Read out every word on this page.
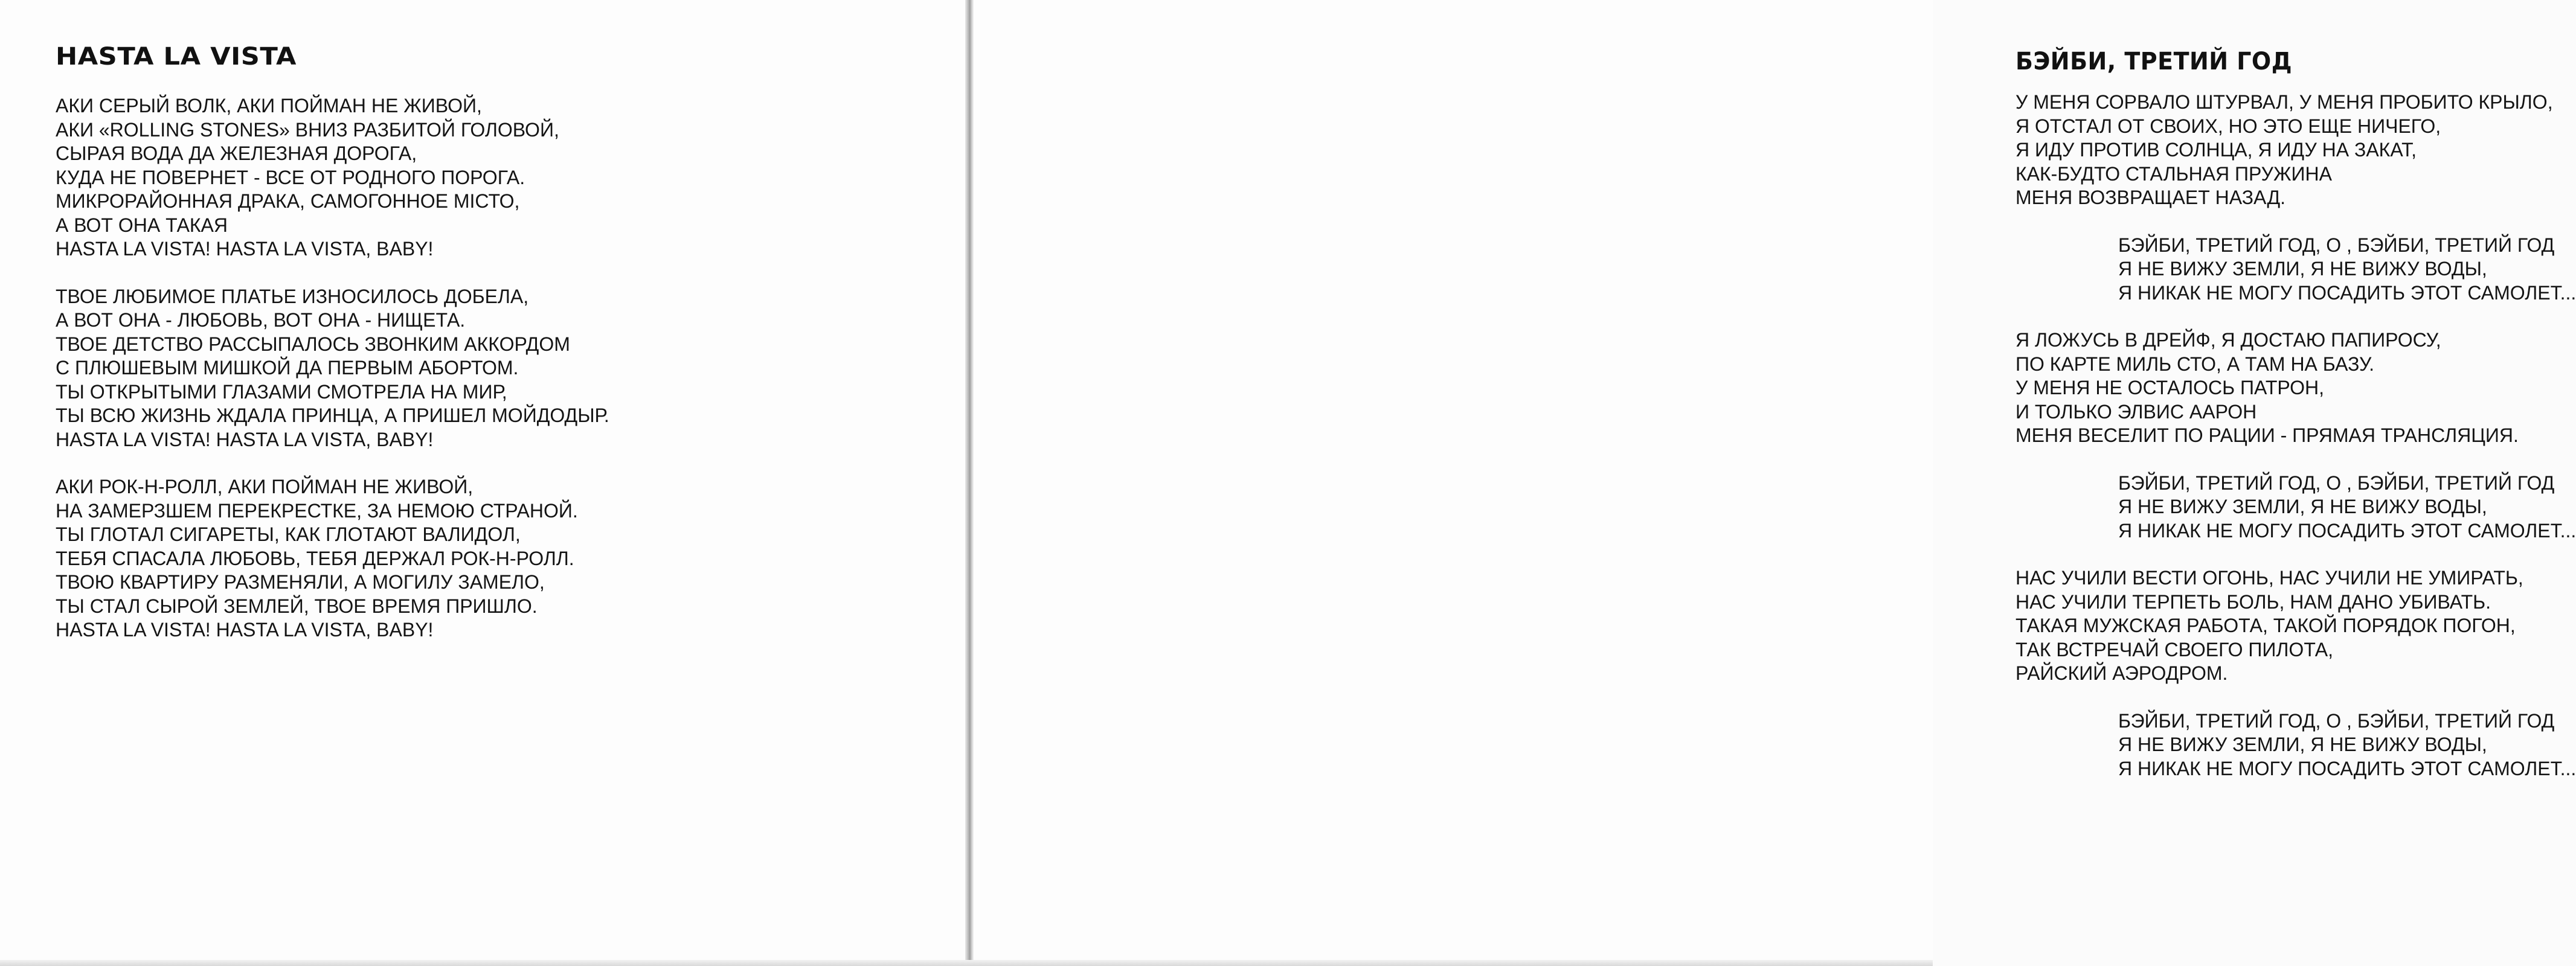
HASTA LA VISTA
АКИ СЕРЫЙ ВОЛК, АКИ ПОЙМАН НЕ ЖИВОЙ,
АКИ «ROLLING STONES» ВНИЗ РАЗБИТОЙ ГОЛОВОЙ,
СЫРАЯ ВОДА ДА ЖЕЛЕЗНАЯ ДОРОГА,
КУДА НЕ ПОВЕРНЕТ - ВСЕ ОТ РОДНОГО ПОРОГА.
МИКРОРАЙОННАЯ ДРАКА, САМОГОННОЕ МIСТО,
А ВОТ ОНА ТАКАЯ
HASTA LA VISTA! HASTA LA VISTA, BABY!
ТВОЕ ЛЮБИМОЕ ПЛАТЬЕ ИЗНОСИЛОСЬ ДОБЕЛА,
А ВОТ ОНА - ЛЮБОВЬ, ВОТ ОНА - НИЩЕТА.
ТВОЕ ДЕТСТВО РАССЫПАЛОСЬ ЗВОНКИМ АККОРДОМ
С ПЛЮШЕВЫМ МИШКОЙ ДА ПЕРВЫМ АБОРТОМ.
ТЫ ОТКРЫТЫМИ ГЛАЗАМИ СМОТРЕЛА НА МИР,
ТЫ ВСЮ ЖИЗНЬ ЖДАЛА ПРИНЦА, А ПРИШЕЛ МОЙДОДЫР.
HASTA LA VISTA! HASTA LA VISTA, BABY!
АКИ РОК-Н-РОЛЛ, АКИ ПОЙМАН НЕ ЖИВОЙ,
НА ЗАМЕРЗШЕМ ПЕРЕКРЕСТКЕ, ЗА НЕМОЮ СТРАНОЙ.
ТЫ ГЛОТАЛ СИГАРЕТЫ, КАК ГЛОТАЮТ ВАЛИДОЛ,
ТЕБЯ СПАСАЛА ЛЮБОВЬ, ТЕБЯ ДЕРЖАЛ РОК-Н-РОЛЛ.
ТВОЮ КВАРТИРУ РАЗМЕНЯЛИ, А МОГИЛУ ЗАМЕЛО,
ТЫ СТАЛ СЫРОЙ ЗЕМЛЕЙ, ТВОЕ ВРЕМЯ ПРИШЛО.
HASTA LA VISTA! HASTA LA VISTA, BABY!
БЭЙБИ, ТРЕТИЙ ГОД
У МЕНЯ СОРВАЛО ШТУРВАЛ, У МЕНЯ ПРОБИТО КРЫЛО,
Я ОТСТАЛ ОТ СВОИХ, НО ЭТО ЕЩЕ НИЧЕГО,
Я ИДУ ПРОТИВ СОЛНЦА, Я ИДУ НА ЗАКАТ,
КАК-БУДТО СТАЛЬНАЯ ПРУЖИНА
МЕНЯ ВОЗВРАЩАЕТ НАЗАД.
БЭЙБИ, ТРЕТИЙ ГОД, О , БЭЙБИ, ТРЕТИЙ ГОД
Я НЕ ВИЖУ ЗЕМЛИ, Я НЕ ВИЖУ ВОДЫ,
Я НИКАК НЕ МОГУ ПОСАДИТЬ ЭТОТ САМОЛЕТ...
Я ЛОЖУСЬ В ДРЕЙФ, Я ДОСТАЮ ПАПИРОСУ,
ПО КАРТЕ МИЛЬ СТО, А ТАМ НА БАЗУ.
У МЕНЯ НЕ ОСТАЛОСЬ ПАТРОН,
И ТОЛЬКО ЭЛВИС ААРОН
МЕНЯ ВЕСЕЛИТ ПО РАЦИИ - ПРЯМАЯ ТРАНСЛЯЦИЯ.
БЭЙБИ, ТРЕТИЙ ГОД, О , БЭЙБИ, ТРЕТИЙ ГОД
Я НЕ ВИЖУ ЗЕМЛИ, Я НЕ ВИЖУ ВОДЫ,
Я НИКАК НЕ МОГУ ПОСАДИТЬ ЭТОТ САМОЛЕТ...
НАС УЧИЛИ ВЕСТИ ОГОНЬ, НАС УЧИЛИ НЕ УМИРАТЬ,
НАС УЧИЛИ ТЕРПЕТЬ БОЛЬ, НАМ ДАНО УБИВАТЬ.
ТАКАЯ МУЖСКАЯ РАБОТА, ТАКОЙ ПОРЯДОК ПОГОН,
ТАК ВСТРЕЧАЙ СВОЕГО ПИЛОТА,
РАЙСКИЙ АЭРОДРОМ.
БЭЙБИ, ТРЕТИЙ ГОД, О , БЭЙБИ, ТРЕТИЙ ГОД
Я НЕ ВИЖУ ЗЕМЛИ, Я НЕ ВИЖУ ВОДЫ,
Я НИКАК НЕ МОГУ ПОСАДИТЬ ЭТОТ САМОЛЕТ...
